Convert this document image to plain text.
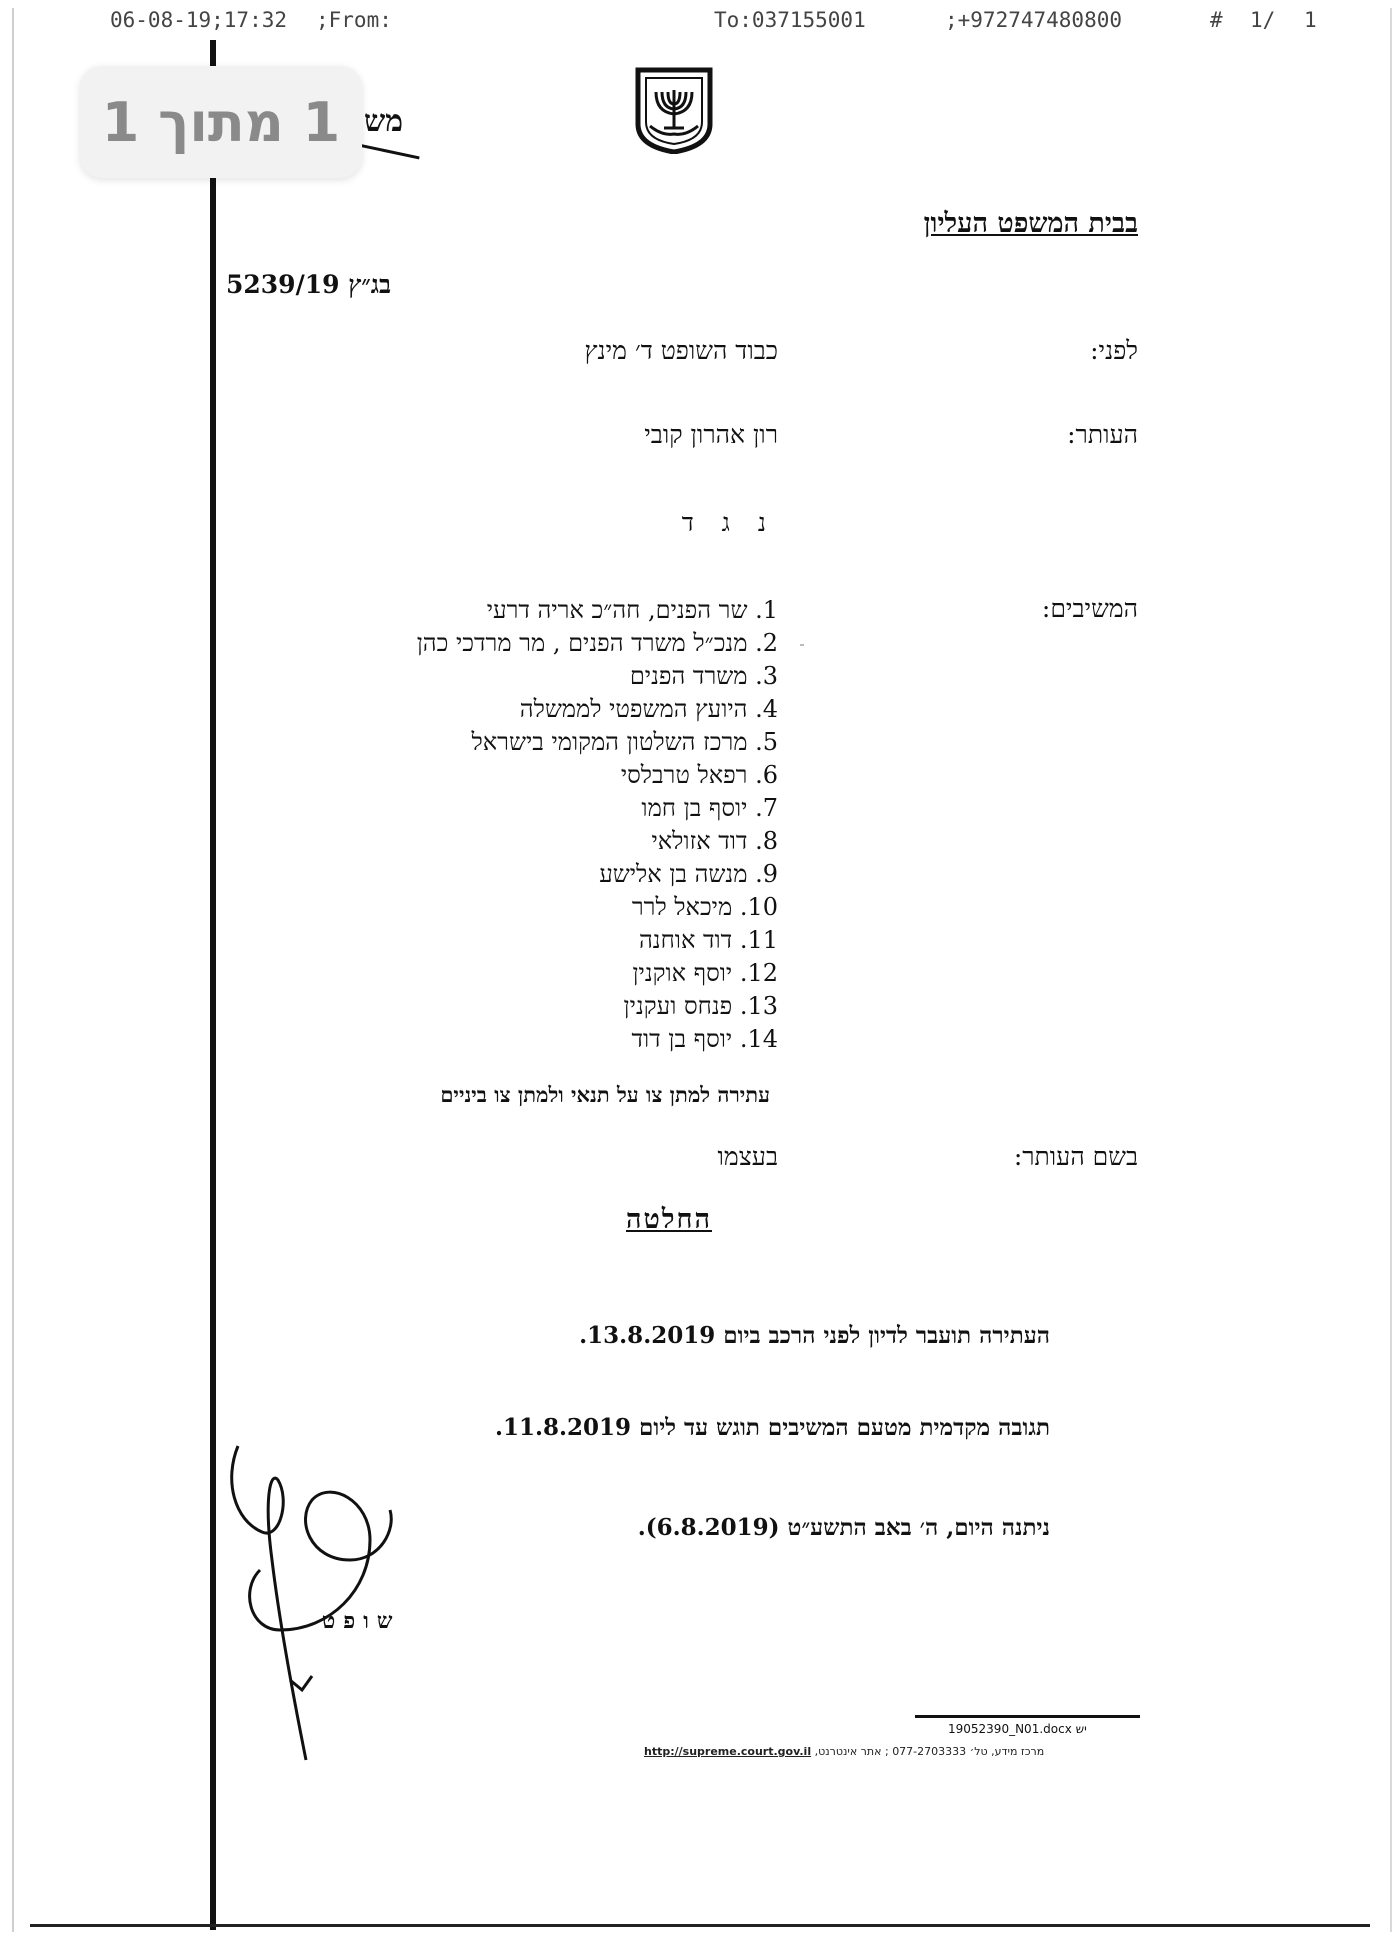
06-08-19;17:32 ;From:	To:037155001	;+972747480800	# 1/ 1
מש
1 מתוך 1
בבית המשפט העליון
בג״ץ 5239/19
לפני:
כבוד השופט ד׳ מינץ
העותר:
רון אהרון קובי
נ ג ד
המשיבים:
1. שר הפנים, חה״כ אריה דרעי
2. מנכ״ל משרד הפנים , מר מרדכי כהן
3. משרד הפנים
4. היועץ המשפטי לממשלה
5. מרכז השלטון המקומי בישראל
6. רפאל טרבלסי
7. יוסף בן חמו
8. דוד אזולאי
9. מנשה בן אלישע
10. מיכאל לרר
11. דוד אוחנה
12. יוסף אוקנין
13. פנחס ועקנין
14. יוסף בן דוד
עתירה למתן צו על תנאי ולמתן צו ביניים
בשם העותר:
בעצמו
החלטה
העתירה תועבר לדיון לפני הרכב ביום 13.8.2019.
תגובה מקדמית מטעם המשיבים תוגש עד ליום 11.8.2019.
ניתנה היום, ה׳ באב התשע״ט (6.8.2019).
שופט
19052390_N01.docx יש
http://supreme.court.gov.il מרכז מידע, טל׳ 077-2703333 ; אתר אינטרנט,
